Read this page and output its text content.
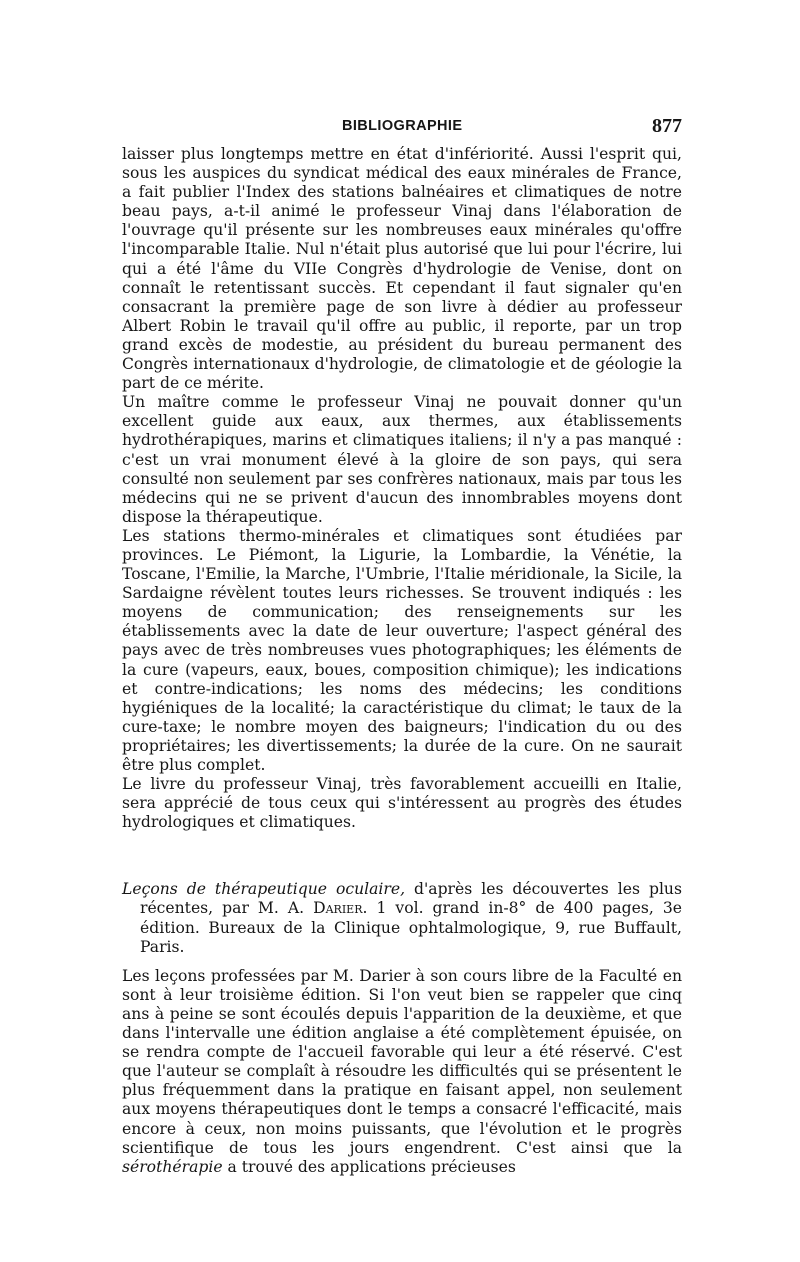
BIBLIOGRAPHIE	877

laisser plus longtemps mettre en état d'infériorité. Aussi l'esprit qui, sous les auspices du syndicat médical des eaux minérales de France, a fait publier l'Index des stations balnéaires et climatiques de notre beau pays, a-t-il animé le professeur Vinaj dans l'élaboration de l'ouvrage qu'il présente sur les nombreuses eaux minérales qu'offre l'incomparable Italie. Nul n'était plus autorisé que lui pour l'écrire, lui qui a été l'âme du VIIe Congrès d'hydrologie de Venise, dont on connaît le retentissant succès. Et cependant il faut signaler qu'en consacrant la première page de son livre à dédier au professeur Albert Robin le travail qu'il offre au public, il reporte, par un trop grand excès de modestie, au président du bureau permanent des Congrès internationaux d'hydrologie, de climatologie et de géologie la part de ce mérite.

Un maître comme le professeur Vinaj ne pouvait donner qu'un excellent guide aux eaux, aux thermes, aux établissements hydrothérapiques, marins et climatiques italiens; il n'y a pas manqué : c'est un vrai monument élevé à la gloire de son pays, qui sera consulté non seulement par ses confrères nationaux, mais par tous les médecins qui ne se privent d'aucun des innombrables moyens dont dispose la thérapeutique.

Les stations thermo-minérales et climatiques sont étudiées par provinces. Le Piémont, la Ligurie, la Lombardie, la Vénétie, la Toscane, l'Emilie, la Marche, l'Umbrie, l'Italie méridionale, la Sicile, la Sardaigne révèlent toutes leurs richesses. Se trouvent indiqués : les moyens de communication; des renseignements sur les établissements avec la date de leur ouverture; l'aspect général des pays avec de très nombreuses vues photographiques; les éléments de la cure (vapeurs, eaux, boues, composition chimique); les indications et contre-indications; les noms des médecins; les conditions hygiéniques de la localité; la caractéristique du climat; le taux de la cure-taxe; le nombre moyen des baigneurs; l'indication du ou des propriétaires; les divertissements; la durée de la cure. On ne saurait être plus complet.

Le livre du professeur Vinaj, très favorablement accueilli en Italie, sera apprécié de tous ceux qui s'intéressent au progrès des études hydrologiques et climatiques.

Leçons de thérapeutique oculaire, d'après les découvertes les plus récentes, par M. A. Darier. 1 vol. grand in-8° de 400 pages, 3e édition. Bureaux de la Clinique ophtalmologique, 9, rue Buffault, Paris.

Les leçons professées par M. Darier à son cours libre de la Faculté en sont à leur troisième édition. Si l'on veut bien se rappeler que cinq ans à peine se sont écoulés depuis l'apparition de la deuxième, et que dans l'intervalle une édition anglaise a été complètement épuisée, on se rendra compte de l'accueil favorable qui leur a été réservé. C'est que l'auteur se complaît à résoudre les difficultés qui se présentent le plus fréquemment dans la pratique en faisant appel, non seulement aux moyens thérapeutiques dont le temps a consacré l'efficacité, mais encore à ceux, non moins puissants, que l'évolution et le progrès scientifique de tous les jours engendrent. C'est ainsi que la sérothérapie a trouvé des applications précieuses
